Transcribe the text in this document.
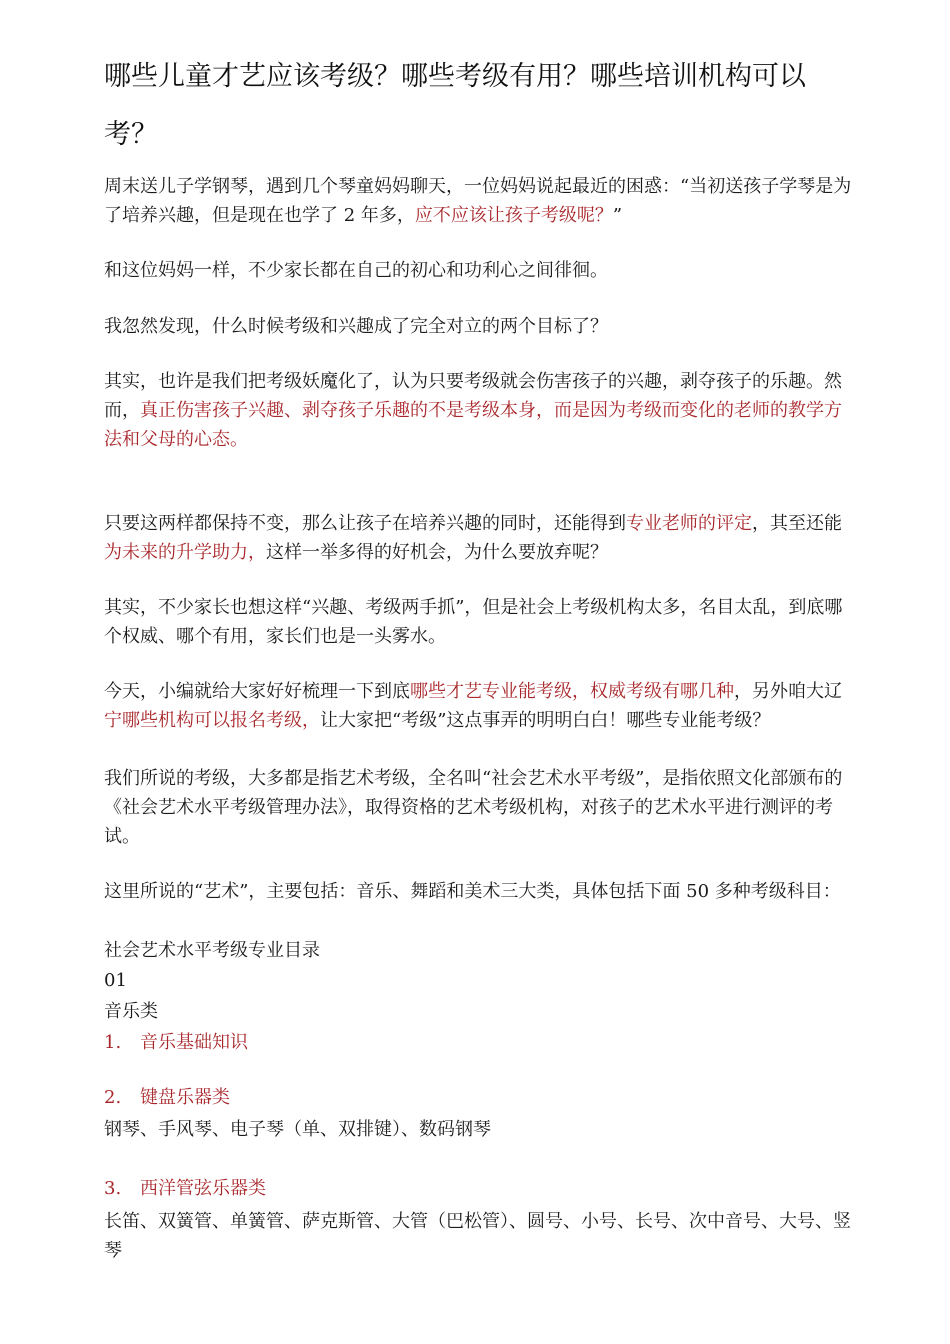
哪些儿童才艺应该考级？哪些考级有用？哪些培训机构可以考？

周末送儿子学钢琴，遇到几个琴童妈妈聊天，一位妈妈说起最近的困惑：“当初送孩子学琴是为了培养兴趣，但是现在也学了 2 年多，应不应该让孩子考级呢？”

和这位妈妈一样，不少家长都在自己的初心和功利心之间徘徊。

我忽然发现，什么时候考级和兴趣成了完全对立的两个目标了？

其实，也许是我们把考级妖魔化了，认为只要考级就会伤害孩子的兴趣，剥夺孩子的乐趣。然而，真正伤害孩子兴趣、剥夺孩子乐趣的不是考级本身，而是因为考级而变化的老师的教学方法和父母的心态。

只要这两样都保持不变，那么让孩子在培养兴趣的同时，还能得到专业老师的评定，其至还能为未来的升学助力，这样一举多得的好机会，为什么要放弃呢？

其实，不少家长也想这样“兴趣、考级两手抓”，但是社会上考级机构太多，名目太乱，到底哪个权威、哪个有用，家长们也是一头雾水。

今天，小编就给大家好好梳理一下到底哪些才艺专业能考级，权威考级有哪几种，另外咱大辽宁哪些机构可以报名考级，让大家把“考级”这点事弄的明明白白！哪些专业能考级？

我们所说的考级，大多都是指艺术考级，全名叫“社会艺术水平考级”，是指依照文化部颁布的《社会艺术水平考级管理办法》，取得资格的艺术考级机构，对孩子的艺术水平进行测评的考试。

这里所说的“艺术”，主要包括：音乐、舞蹈和美术三大类，具体包括下面 50 多种考级科目：

社会艺术水平考级专业目录

01

音乐类

1. 音乐基础知识
2. 键盘乐器类

钢琴、手风琴、电子琴（单、双排键）、数码钢琴

3. 西洋管弦乐器类

长笛、双簧管、单簧管、萨克斯管、大管（巴松管）、圆号、小号、长号、次中音号、大号、竖琴
